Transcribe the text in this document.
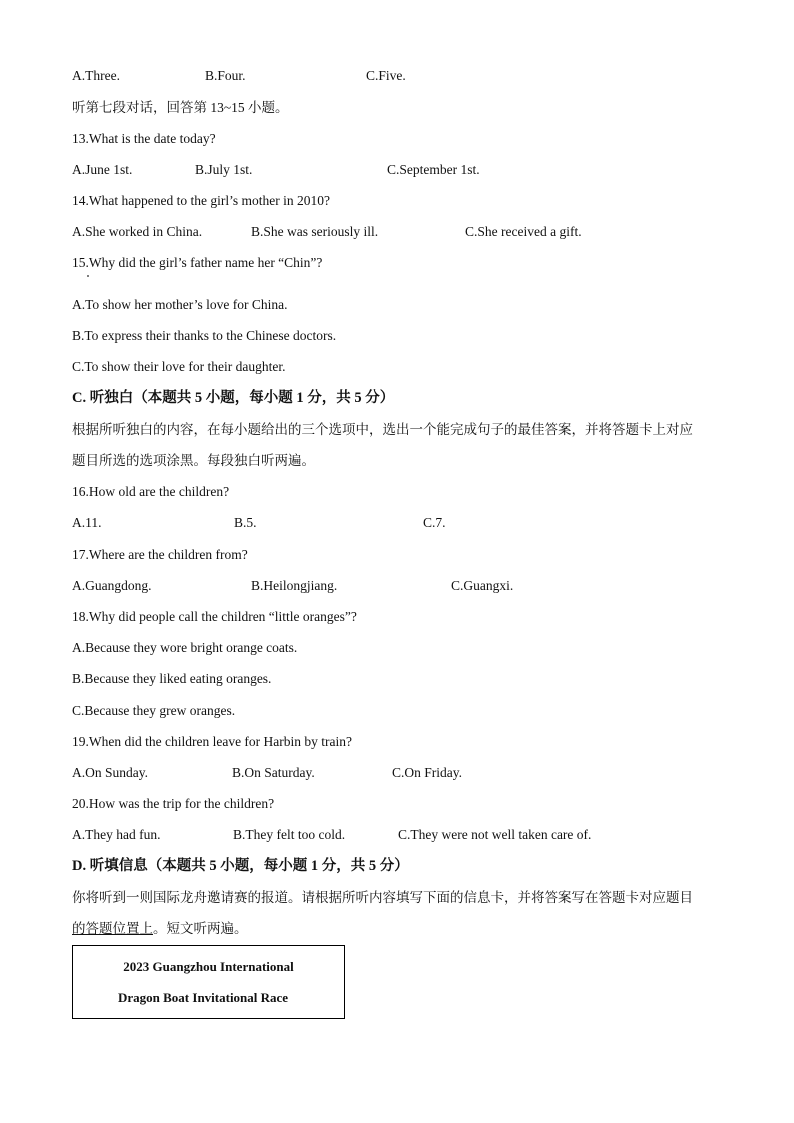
A.Three.	B.Four.	C.Five.
听第七段对话，回答第 13~15 小题。
13.What is the date today?
A.June 1st.	B.July 1st.	C.September 1st.
14.What happened to the girl’s mother in 2010?
A.She worked in China.	B.She was seriously ill.	C.She received a gift.
15.Why did the girl’s father name her “Chin”?
A.To show her mother’s love for China.
B.To express their thanks to the Chinese doctors.
C.To show their love for their daughter.
C. 听独白（本题共 5 小题，每小题 1 分，共 5 分）
根据所听独白的内容，在每小题给出的三个选项中，选出一个能完成句子的最佳答案，并将答题卡上对应
题目所选的选项涂黑。每段独白听两遍。
16.How old are the children?
A.11.	B.5.	C.7.
17.Where are the children from?
A.Guangdong.	B.Heilongjiang.	C.Guangxi.
18.Why did people call the children “little oranges”?
A.Because they wore bright orange coats.
B.Because they liked eating oranges.
C.Because they grew oranges.
19.When did the children leave for Harbin by train?
A.On Sunday.	B.On Saturday.	C.On Friday.
20.How was the trip for the children?
A.They had fun.	B.They felt too cold.	C.They were not well taken care of.
D. 听填信息（本题共 5 小题，每小题 1 分，共 5 分）
你将听到一则国际龙舟邀请赛的报道。请根据所听内容填写下面的信息卡，并将答案写在答题卡对应题目
的答题位置上。短文听两遍。
2023 Guangzhou International
Dragon Boat Invitational Race
